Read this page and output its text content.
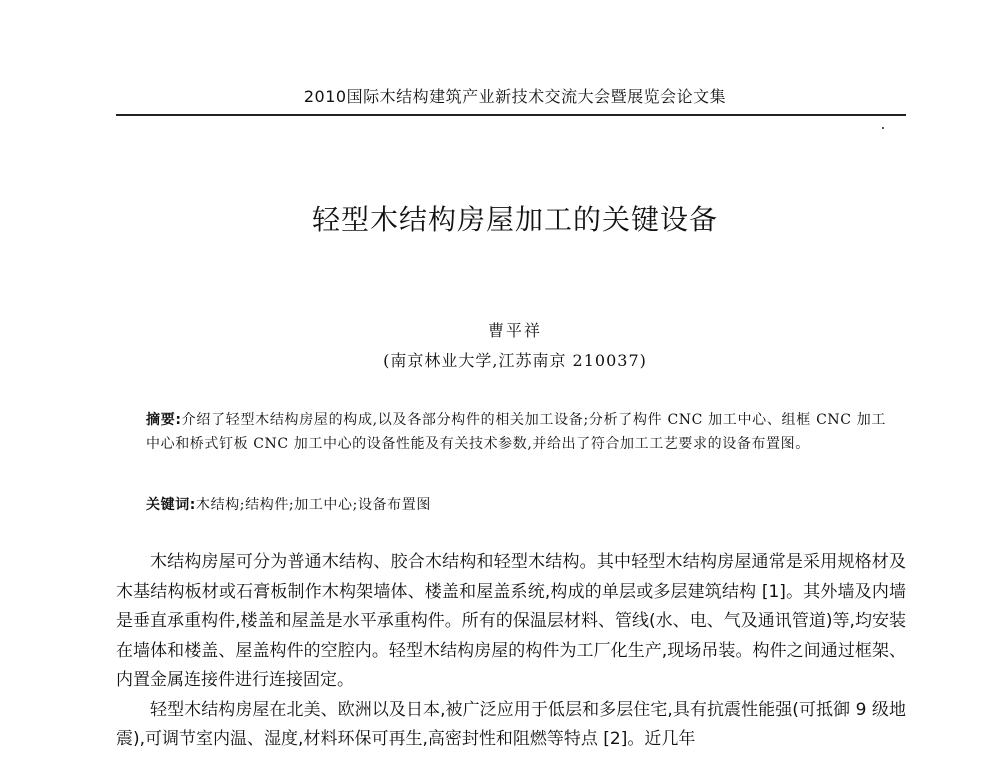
2010国际木结构建筑产业新技术交流大会暨展览会论文集
轻型木结构房屋加工的关键设备
曹平祥
(南京林业大学,江苏南京 210037)
摘要:介绍了轻型木结构房屋的构成,以及各部分构件的相关加工设备;分析了构件 CNC 加工中心、组框 CNC 加工中心和桥式钉板 CNC 加工中心的设备性能及有关技术参数,并给出了符合加工工艺要求的设备布置图。
关键词:木结构;结构件;加工中心;设备布置图

木结构房屋可分为普通木结构、胶合木结构和轻型木结构。其中轻型木结构房屋通常是采用规格材及木基结构板材或石膏板制作木构架墙体、楼盖和屋盖系统,构成的单层或多层建筑结构 [1]。其外墙及内墙是垂直承重构件,楼盖和屋盖是水平承重构件。所有的保温层材料、管线(水、电、气及通讯管道)等,均安装在墙体和楼盖、屋盖构件的空腔内。轻型木结构房屋的构件为工厂化生产,现场吊装。构件之间通过框架、内置金属连接件进行连接固定。

轻型木结构房屋在北美、欧洲以及日本,被广泛应用于低层和多层住宅,具有抗震性能强(可抵御 9 级地震),可调节室内温、湿度,材料环保可再生,高密封性和阻燃等特点 [2]。近几年
